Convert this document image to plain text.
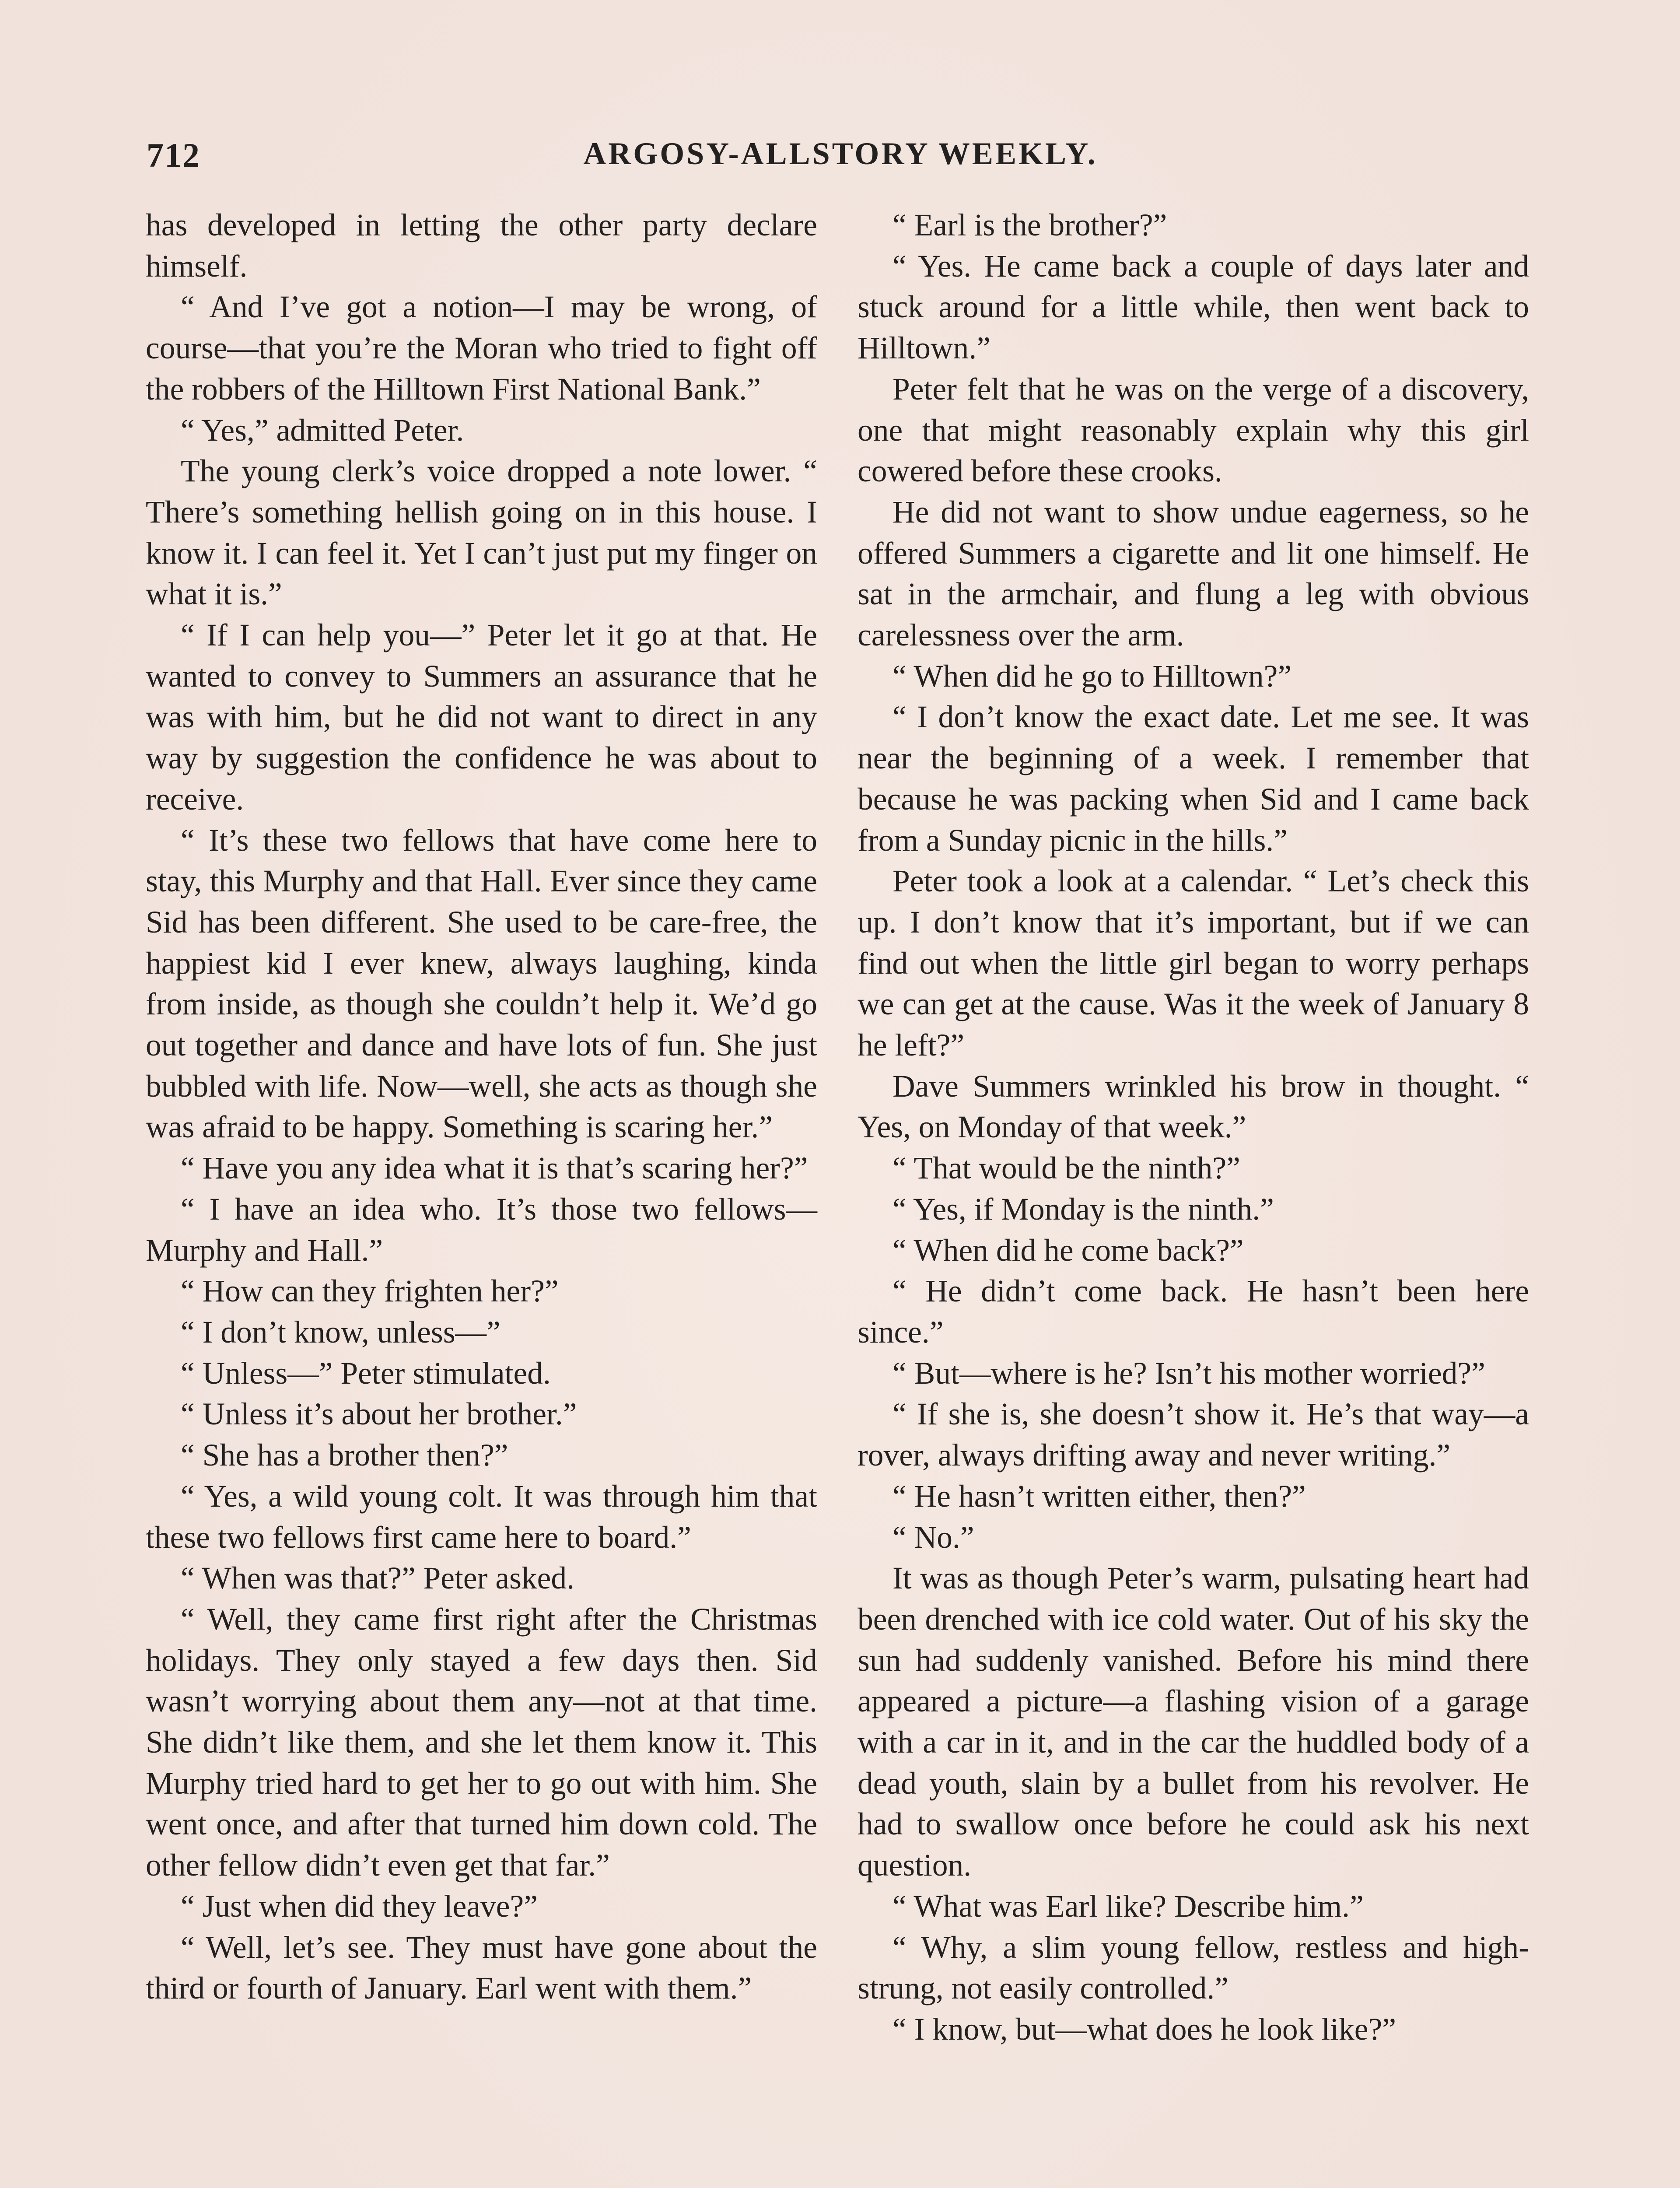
712	ARGOSY-ALLSTORY WEEKLY.

has developed in letting the other party declare himself.

“ And I’ve got a notion—I may be wrong, of course—that you’re the Moran who tried to fight off the robbers of the Hilltown First National Bank.”

“ Yes,” admitted Peter.

The young clerk’s voice dropped a note lower. “ There’s something hellish going on in this house. I know it. I can feel it. Yet I can’t just put my finger on what it is.”

“ If I can help you—” Peter let it go at that. He wanted to convey to Summers an assurance that he was with him, but he did not want to direct in any way by suggestion the confidence he was about to receive.

“ It’s these two fellows that have come here to stay, this Murphy and that Hall. Ever since they came Sid has been different. She used to be care-free, the happiest kid I ever knew, always laughing, kinda from inside, as though she couldn’t help it. We’d go out together and dance and have lots of fun. She just bubbled with life. Now—well, she acts as though she was afraid to be happy. Something is scaring her.”

“ Have you any idea what it is that’s scaring her?”

“ I have an idea who. It’s those two fellows—Murphy and Hall.”

“ How can they frighten her?”

“ I don’t know, unless—”

“ Unless—” Peter stimulated.

“ Unless it’s about her brother.”

“ She has a brother then?”

“ Yes, a wild young colt. It was through him that these two fellows first came here to board.”

“ When was that?” Peter asked.

“ Well, they came first right after the Christmas holidays. They only stayed a few days then. Sid wasn’t worrying about them any—not at that time. She didn’t like them, and she let them know it. This Murphy tried hard to get her to go out with him. She went once, and after that turned him down cold. The other fellow didn’t even get that far.”

“ Just when did they leave?”

“ Well, let’s see. They must have gone about the third or fourth of January. Earl went with them.”

“ Earl is the brother?”

“ Yes. He came back a couple of days later and stuck around for a little while, then went back to Hilltown.”

Peter felt that he was on the verge of a discovery, one that might reasonably explain why this girl cowered before these crooks.

He did not want to show undue eagerness, so he offered Summers a cigarette and lit one himself. He sat in the armchair, and flung a leg with obvious carelessness over the arm.

“ When did he go to Hilltown?”

“ I don’t know the exact date. Let me see. It was near the beginning of a week. I remember that because he was packing when Sid and I came back from a Sunday picnic in the hills.”

Peter took a look at a calendar. “ Let’s check this up. I don’t know that it’s important, but if we can find out when the little girl began to worry perhaps we can get at the cause. Was it the week of January 8 he left?”

Dave Summers wrinkled his brow in thought. “ Yes, on Monday of that week.”

“ That would be the ninth?”

“ Yes, if Monday is the ninth.”

“ When did he come back?”

“ He didn’t come back. He hasn’t been here since.”

“ But—where is he? Isn’t his mother worried?”

“ If she is, she doesn’t show it. He’s that way—a rover, always drifting away and never writing.”

“ He hasn’t written either, then?”

“ No.”

It was as though Peter’s warm, pulsating heart had been drenched with ice cold water. Out of his sky the sun had suddenly vanished. Before his mind there appeared a picture—a flashing vision of a garage with a car in it, and in the car the huddled body of a dead youth, slain by a bullet from his revolver. He had to swallow once before he could ask his next question.

“ What was Earl like? Describe him.”

“ Why, a slim young fellow, restless and high-strung, not easily controlled.”

“ I know, but—what does he look like?”
